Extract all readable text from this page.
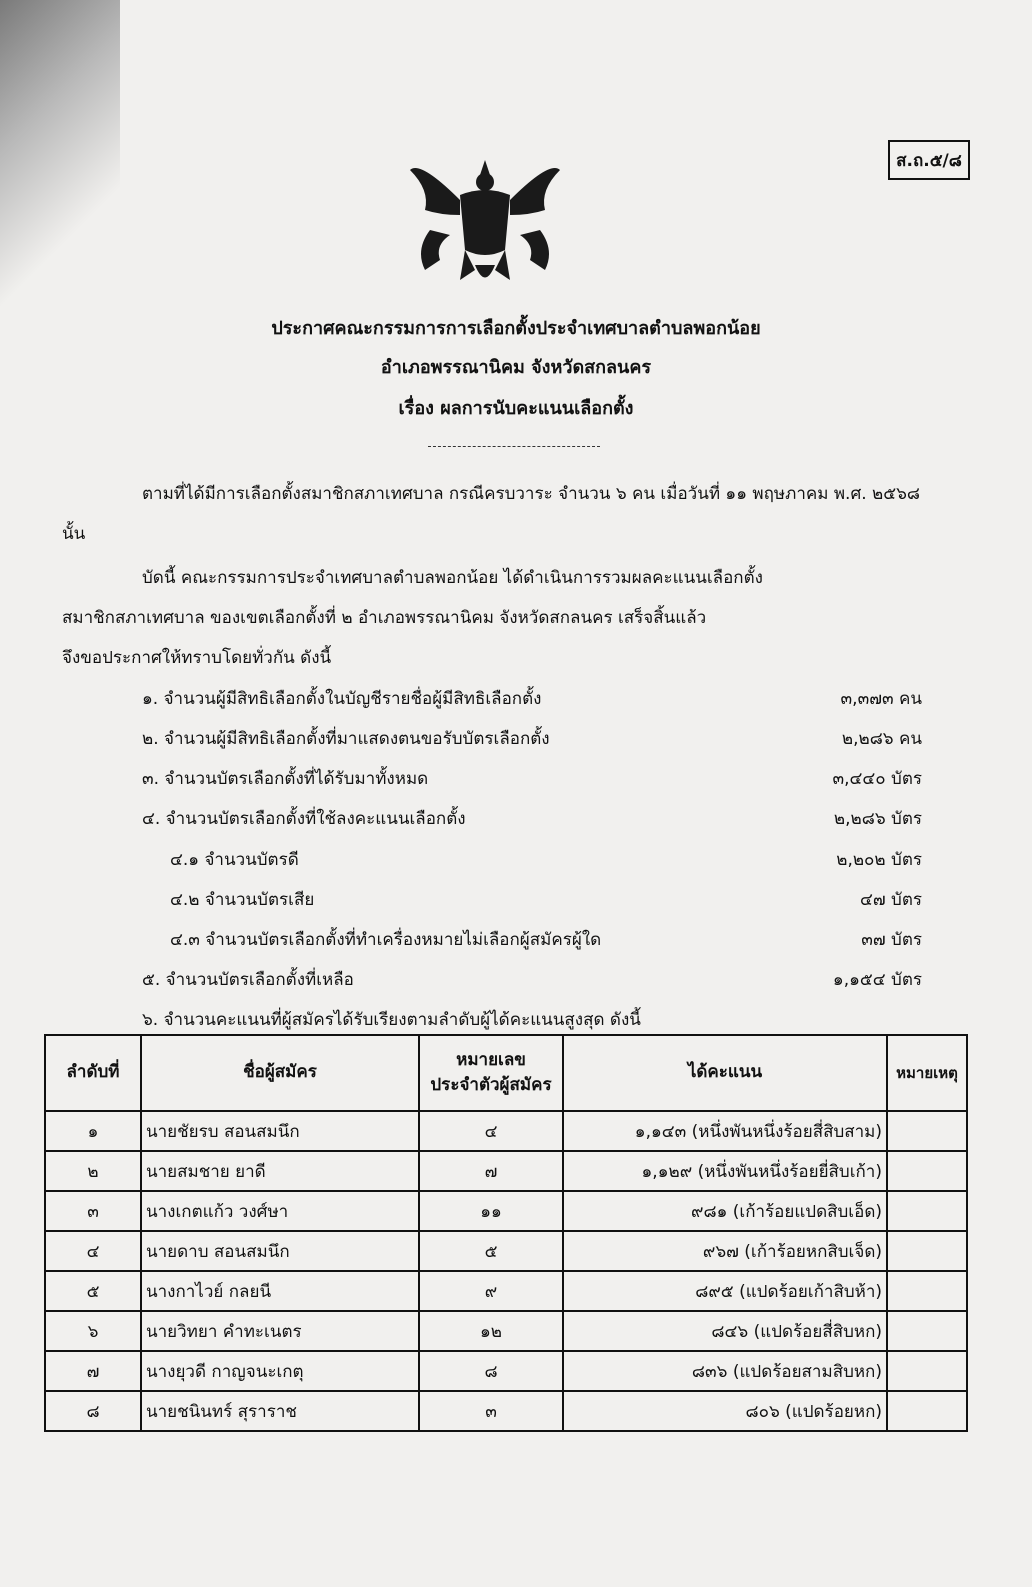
ส.ถ.๕/๘
ประกาศคณะกรรมการการเลือกตั้งประจำเทศบาลตำบลพอกน้อย
อำเภอพรรณานิคม จังหวัดสกลนคร
เรื่อง ผลการนับคะแนนเลือกตั้ง
ตามที่ได้มีการเลือกตั้งสมาชิกสภาเทศบาล กรณีครบวาระ จำนวน ๖ คน เมื่อวันที่ ๑๑ พฤษภาคม พ.ศ. ๒๕๖๘
นั้น
บัดนี้ คณะกรรมการประจำเทศบาลตำบลพอกน้อย ได้ดำเนินการรวมผลคะแนนเลือกตั้ง
สมาชิกสภาเทศบาล ของเขตเลือกตั้งที่ ๒ อำเภอพรรณานิคม จังหวัดสกลนคร เสร็จสิ้นแล้ว
จึงขอประกาศให้ทราบโดยทั่วกัน ดังนี้
๑. จำนวนผู้มีสิทธิเลือกตั้งในบัญชีรายชื่อผู้มีสิทธิเลือกตั้ง	๓,๓๗๓ คน
๒. จำนวนผู้มีสิทธิเลือกตั้งที่มาแสดงตนขอรับบัตรเลือกตั้ง	๒,๒๘๖ คน
๓. จำนวนบัตรเลือกตั้งที่ได้รับมาทั้งหมด	๓,๔๔๐ บัตร
๔. จำนวนบัตรเลือกตั้งที่ใช้ลงคะแนนเลือกตั้ง	๒,๒๘๖ บัตร
๔.๑ จำนวนบัตรดี	๒,๒๐๒ บัตร
๔.๒ จำนวนบัตรเสีย	๔๗ บัตร
๔.๓ จำนวนบัตรเลือกตั้งที่ทำเครื่องหมายไม่เลือกผู้สมัครผู้ใด	๓๗ บัตร
๕. จำนวนบัตรเลือกตั้งที่เหลือ	๑,๑๕๔ บัตร
๖. จำนวนคะแนนที่ผู้สมัครได้รับเรียงตามลำดับผู้ได้คะแนนสูงสุด ดังนี้
ลำดับที่	ชื่อผู้สมัคร	หมายเลข
ประจำตัวผู้สมัคร	ได้คะแนน	หมายเหตุ
๑	นายชัยรบ สอนสมนึก	๔	๑,๑๔๓ (หนึ่งพันหนึ่งร้อยสี่สิบสาม)	
๒	นายสมชาย ยาดี	๗	๑,๑๒๙ (หนึ่งพันหนึ่งร้อยยี่สิบเก้า)	
๓	นางเกตแก้ว วงศ์ษา	๑๑	๙๘๑ (เก้าร้อยแปดสิบเอ็ด)	
๔	นายดาบ สอนสมนึก	๕	๙๖๗ (เก้าร้อยหกสิบเจ็ด)	
๕	นางกาไวย์ กลยนี	๙	๘๙๕ (แปดร้อยเก้าสิบห้า)	
๖	นายวิทยา คำทะเนตร	๑๒	๘๔๖ (แปดร้อยสี่สิบหก)	
๗	นางยุวดี กาญจนะเกตุ	๘	๘๓๖ (แปดร้อยสามสิบหก)	
๘	นายชนินทร์ สุราราช	๓	๘๐๖ (แปดร้อยหก)	
